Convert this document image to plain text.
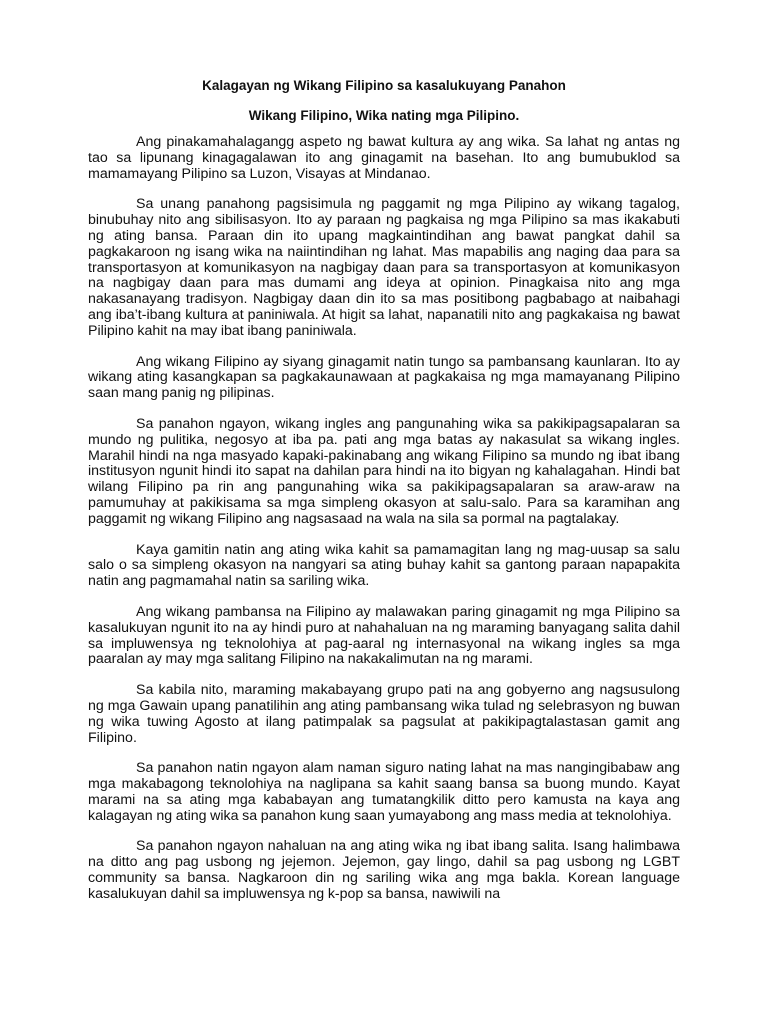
Kalagayan ng Wikang Filipino sa kasalukuyang Panahon
Wikang Filipino, Wika nating mga Pilipino.

Ang pinakamahalagangg aspeto ng bawat kultura ay ang wika. Sa lahat ng antas ng tao sa lipunang kinagagalawan ito ang ginagamit na basehan. Ito ang bumubuklod sa mamamayang Pilipino sa Luzon, Visayas at Mindanao.

Sa unang panahong pagsisimula ng paggamit ng mga Pilipino ay wikang tagalog, binubuhay nito ang sibilisasyon. Ito ay paraan ng pagkaisa ng mga Pilipino sa mas ikakabuti ng ating bansa. Paraan din ito upang magkaintindihan ang bawat pangkat dahil sa pagkakaroon ng isang wika na naiintindihan ng lahat. Mas mapabilis ang naging daa para sa transportasyon at komunikasyon na nagbigay daan para sa transportasyon at komunikasyon na nagbigay daan para mas dumami ang ideya at opinion. Pinagkaisa nito ang mga nakasanayang tradisyon. Nagbigay daan din ito sa mas positibong pagbabago at naibahagi ang iba’t-ibang kultura at paniniwala. At higit sa lahat, napanatili nito ang pagkakaisa ng bawat Pilipino kahit na may ibat ibang paniniwala.

Ang wikang Filipino ay siyang ginagamit natin tungo sa pambansang kaunlaran. Ito ay wikang ating kasangkapan sa pagkakaunawaan at pagkakaisa ng mga mamayanang Pilipino saan mang panig ng pilipinas.

Sa panahon ngayon, wikang ingles ang pangunahing wika sa pakikipagsapalaran sa mundo ng pulitika, negosyo at iba pa. pati ang mga batas ay nakasulat sa wikang ingles. Marahil hindi na nga masyado kapaki-pakinabang ang wikang Filipino sa mundo ng ibat ibang institusyon ngunit hindi ito sapat na dahilan para hindi na ito bigyan ng kahalagahan. Hindi bat wilang Filipino pa rin ang pangunahing wika sa pakikipagsapalaran sa araw-araw na pamumuhay at pakikisama sa mga simpleng okasyon at salu-salo. Para sa karamihan ang paggamit ng wikang Filipino ang nagsasaad na wala na sila sa pormal na pagtalakay.

Kaya gamitin natin ang ating wika kahit sa pamamagitan lang ng mag-uusap sa salu salo o sa simpleng okasyon na nangyari sa ating buhay kahit sa gantong paraan napapakita natin ang pagmamahal natin sa sariling wika.

Ang wikang pambansa na Filipino ay malawakan paring ginagamit ng mga Pilipino sa kasalukuyan ngunit ito na ay hindi puro at nahahaluan na ng maraming banyagang salita dahil sa impluwensya ng teknolohiya at pag-aaral ng internasyonal na wikang ingles sa mga paaralan ay may mga salitang Filipino na nakakalimutan na ng marami.

Sa kabila nito, maraming makabayang grupo pati na ang gobyerno ang nagsusulong ng mga Gawain upang panatilihin ang ating pambansang wika tulad ng selebrasyon ng buwan ng wika tuwing Agosto at ilang patimpalak sa pagsulat at pakikipagtalastasan gamit ang Filipino.

Sa panahon natin ngayon alam naman siguro nating lahat na mas nangingibabaw ang mga makabagong teknolohiya na naglipana sa kahit saang bansa sa buong mundo. Kayat marami na sa ating mga kababayan ang tumatangkilik ditto pero kamusta na kaya ang kalagayan ng ating wika sa panahon kung saan yumayabong ang mass media at teknolohiya.

Sa panahon ngayon nahaluan na ang ating wika ng ibat ibang salita. Isang halimbawa na ditto ang pag usbong ng jejemon. Jejemon, gay lingo, dahil sa pag usbong ng LGBT community sa bansa. Nagkaroon din ng sariling wika ang mga bakla. Korean language kasalukuyan dahil sa impluwensya ng k-pop sa bansa, nawiwili na
